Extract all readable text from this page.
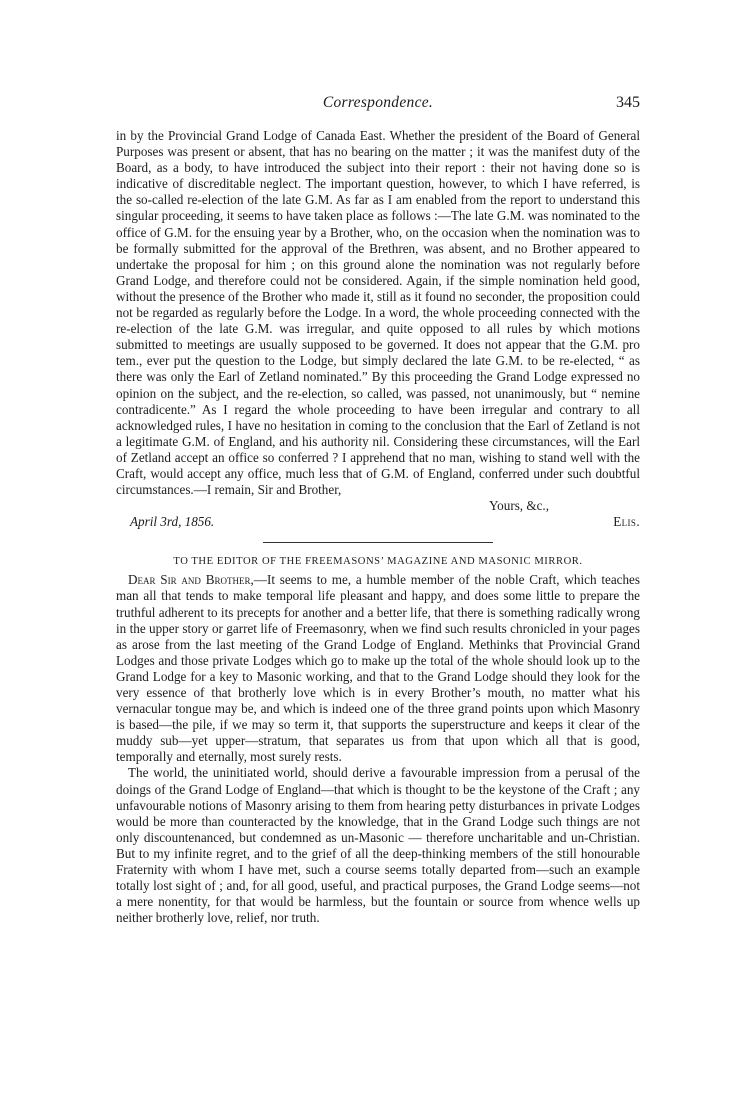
Correspondence.	345

in by the Provincial Grand Lodge of Canada East. Whether the president of the Board of General Purposes was present or absent, that has no bearing on the matter ; it was the manifest duty of the Board, as a body, to have introduced the subject into their report : their not having done so is indicative of discreditable neglect. The important question, however, to which I have referred, is the so-called re-election of the late G.M. As far as I am enabled from the report to understand this singular proceeding, it seems to have taken place as follows :—The late G.M. was nominated to the office of G.M. for the ensuing year by a Brother, who, on the occasion when the nomination was to be formally submitted for the approval of the Brethren, was absent, and no Brother appeared to undertake the proposal for him ; on this ground alone the nomination was not regularly before Grand Lodge, and therefore could not be considered. Again, if the simple nomination held good, without the presence of the Brother who made it, still as it found no seconder, the proposition could not be regarded as regularly before the Lodge. In a word, the whole proceeding connected with the re-election of the late G.M. was irregular, and quite opposed to all rules by which motions submitted to meetings are usually supposed to be governed. It does not appear that the G.M. pro tem., ever put the question to the Lodge, but simply declared the late G.M. to be re-elected, “ as there was only the Earl of Zetland nominated.” By this proceeding the Grand Lodge expressed no opinion on the subject, and the re-election, so called, was passed, not unanimously, but “ nemine contradicente.” As I regard the whole proceeding to have been irregular and contrary to all acknowledged rules, I have no hesitation in coming to the conclusion that the Earl of Zetland is not a legitimate G.M. of England, and his authority nil. Considering these circumstances, will the Earl of Zetland accept an office so conferred ? I apprehend that no man, wishing to stand well with the Craft, would accept any office, much less that of G.M. of England, conferred under such doubtful circumstances.—I remain, Sir and Brother,

Yours, &c.,
April 3rd, 1856.	Elis.
TO THE EDITOR OF THE FREEMASONS’ MAGAZINE AND MASONIC MIRROR.

Dear Sir and Brother,—It seems to me, a humble member of the noble Craft, which teaches man all that tends to make temporal life pleasant and happy, and does some little to prepare the truthful adherent to its precepts for another and a better life, that there is something radically wrong in the upper story or garret life of Freemasonry, when we find such results chronicled in your pages as arose from the last meeting of the Grand Lodge of England. Methinks that Provincial Grand Lodges and those private Lodges which go to make up the total of the whole should look up to the Grand Lodge for a key to Masonic working, and that to the Grand Lodge should they look for the very essence of that brotherly love which is in every Brother’s mouth, no matter what his vernacular tongue may be, and which is indeed one of the three grand points upon which Masonry is based—the pile, if we may so term it, that supports the superstructure and keeps it clear of the muddy sub—yet upper—stratum, that separates us from that upon which all that is good, temporally and eternally, most surely rests.

The world, the uninitiated world, should derive a favourable impression from a perusal of the doings of the Grand Lodge of England—that which is thought to be the keystone of the Craft ; any unfavourable notions of Masonry arising to them from hearing petty disturbances in private Lodges would be more than counteracted by the knowledge, that in the Grand Lodge such things are not only discountenanced, but condemned as un-Masonic — therefore uncharitable and un-Christian. But to my infinite regret, and to the grief of all the deep-thinking members of the still honourable Fraternity with whom I have met, such a course seems totally departed from—such an example totally lost sight of ; and, for all good, useful, and practical purposes, the Grand Lodge seems—not a mere nonentity, for that would be harmless, but the fountain or source from whence wells up neither brotherly love, relief, nor truth.
